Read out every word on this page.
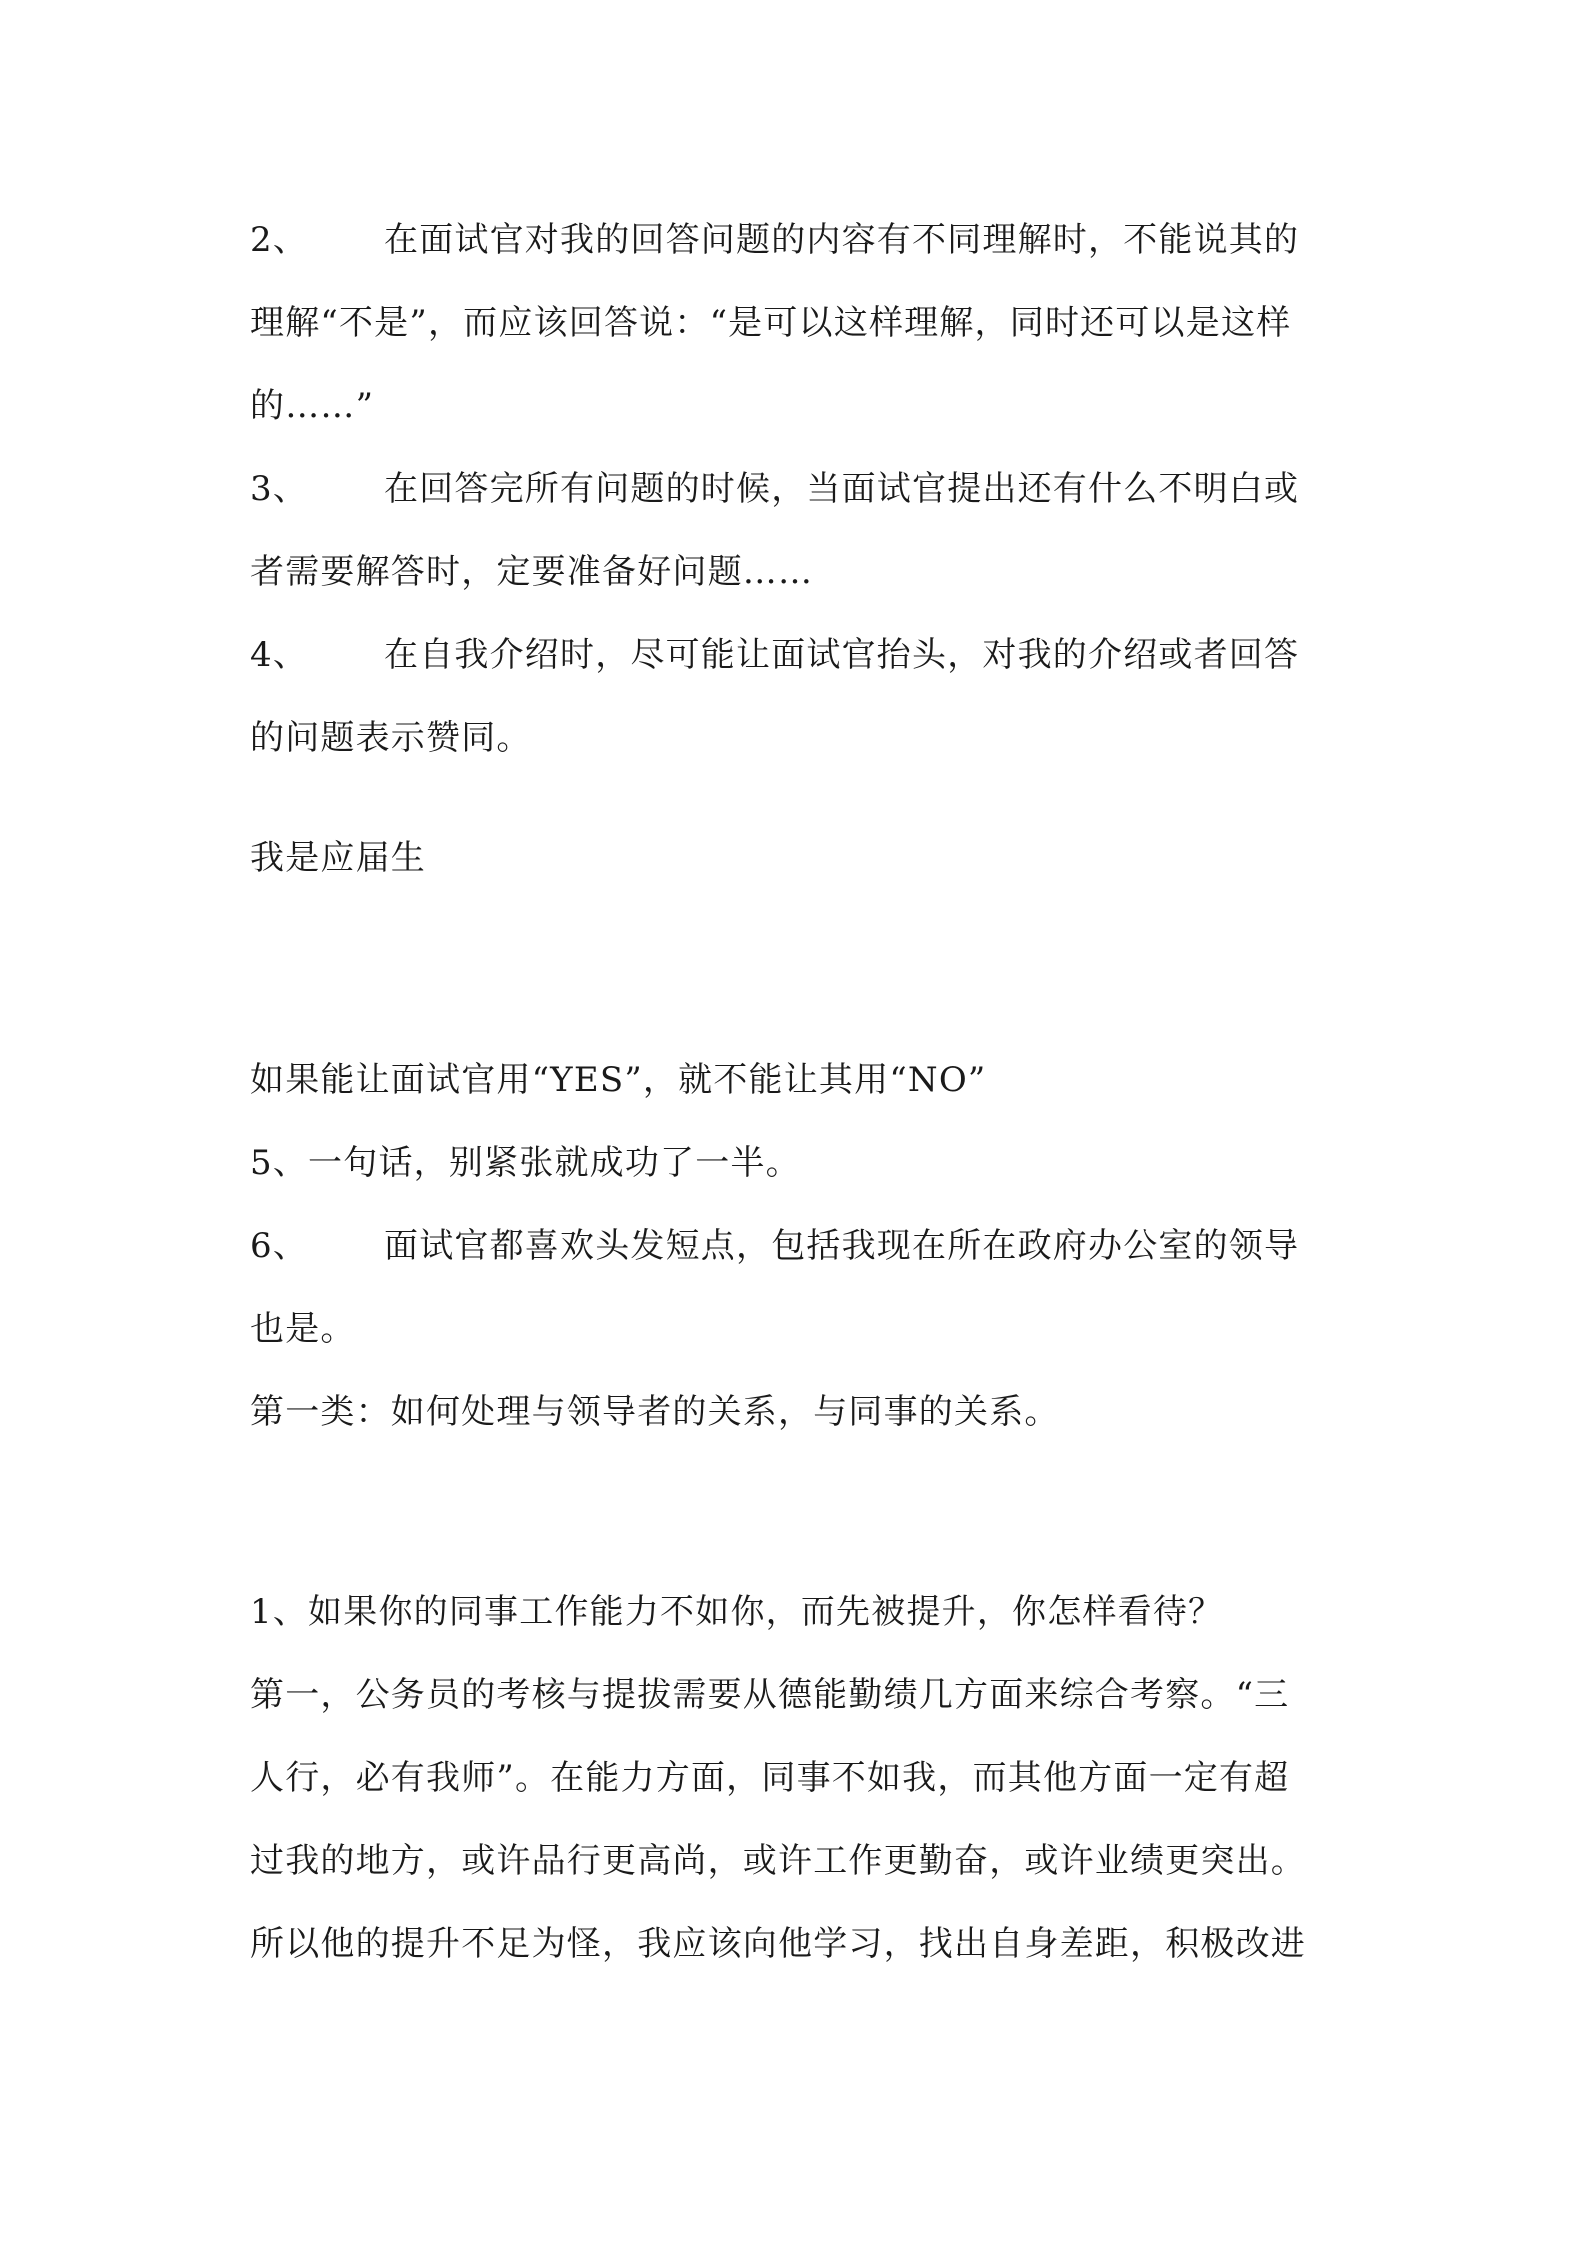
2、 在面试官对我的回答问题的内容有不同理解时，不能说其的
理解“不是”，而应该回答说：“是可以这样理解，同时还可以是这样
的……”
3、 在回答完所有问题的时候，当面试官提出还有什么不明白或
者需要解答时，定要准备好问题……
4、 在自我介绍时，尽可能让面试官抬头，对我的介绍或者回答
的问题表示赞同。
我是应届生
如果能让面试官用“YES”，就不能让其用“NO”
5、一句话，别紧张就成功了一半。
6、 面试官都喜欢头发短点，包括我现在所在政府办公室的领导
也是。
第一类：如何处理与领导者的关系，与同事的关系。
1、如果你的同事工作能力不如你，而先被提升，你怎样看待？
第一，公务员的考核与提拔需要从德能勤绩几方面来综合考察。“三
人行，必有我师”。在能力方面，同事不如我，而其他方面一定有超
过我的地方，或许品行更高尚，或许工作更勤奋，或许业绩更突出。
所以他的提升不足为怪，我应该向他学习，找出自身差距，积极改进
